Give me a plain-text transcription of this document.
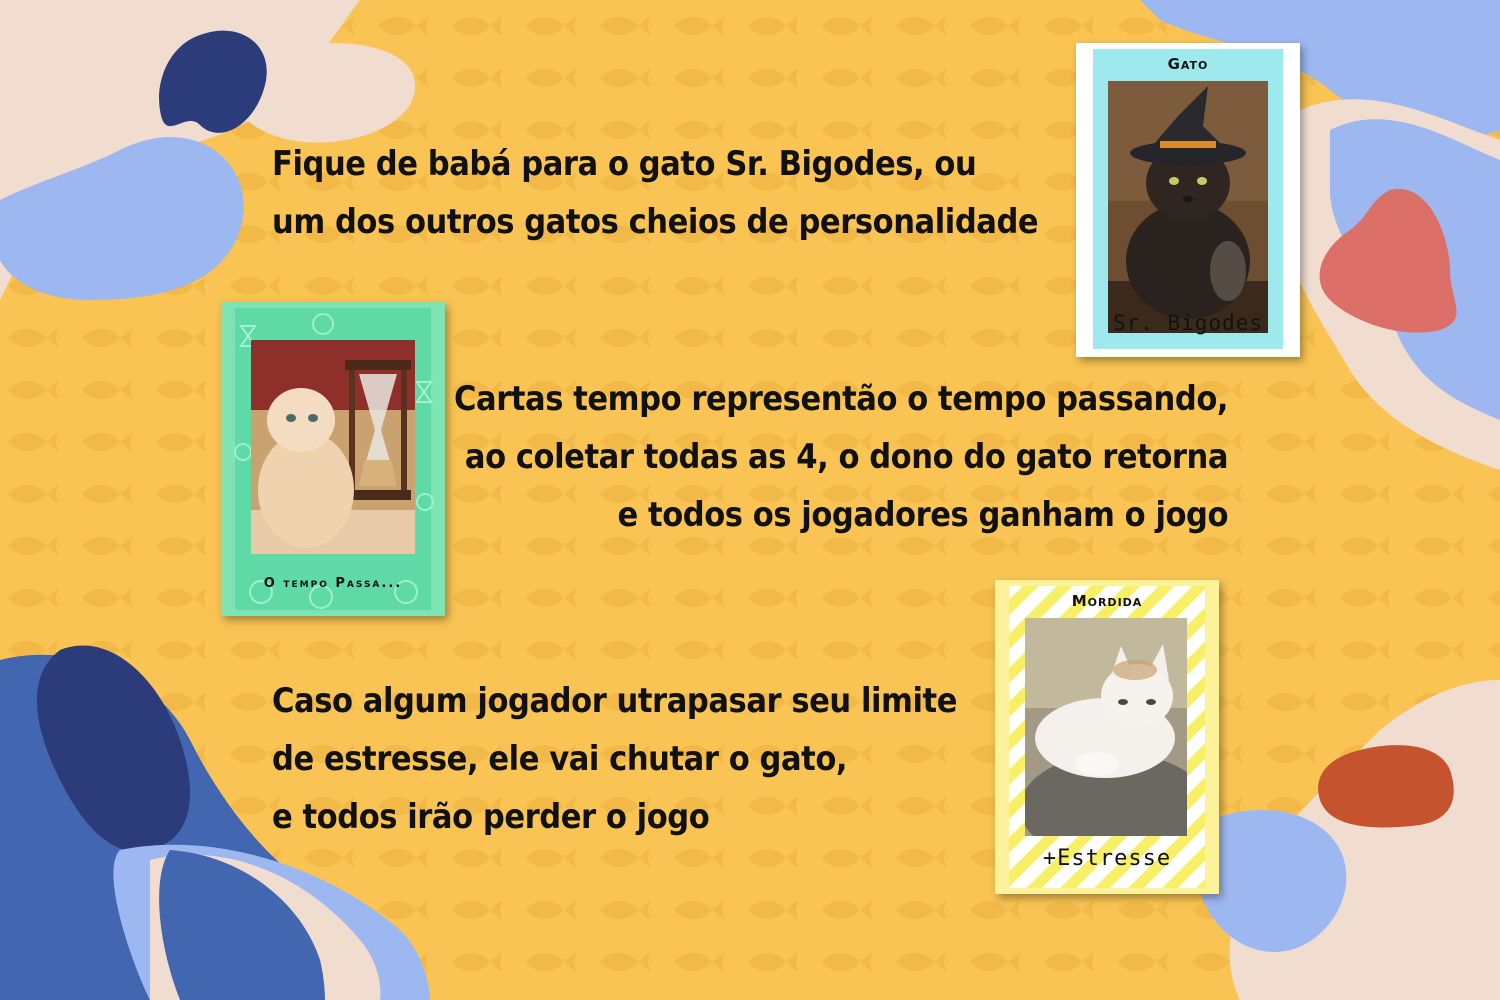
Fique de babá para o gato Sr. Bigodes, ou
um dos outros gatos cheios de personalidade

Cartas tempo representão o tempo passando,
ao coletar todas as 4, o dono do gato retorna
e todos os jogadores ganham o jogo

Caso algum jogador utrapasar seu limite
de estresse, ele vai chutar o gato,
e todos irão perder o jogo

Gato
Sr. Bigodes
O tempo Passa...
Mordida
+Estresse
